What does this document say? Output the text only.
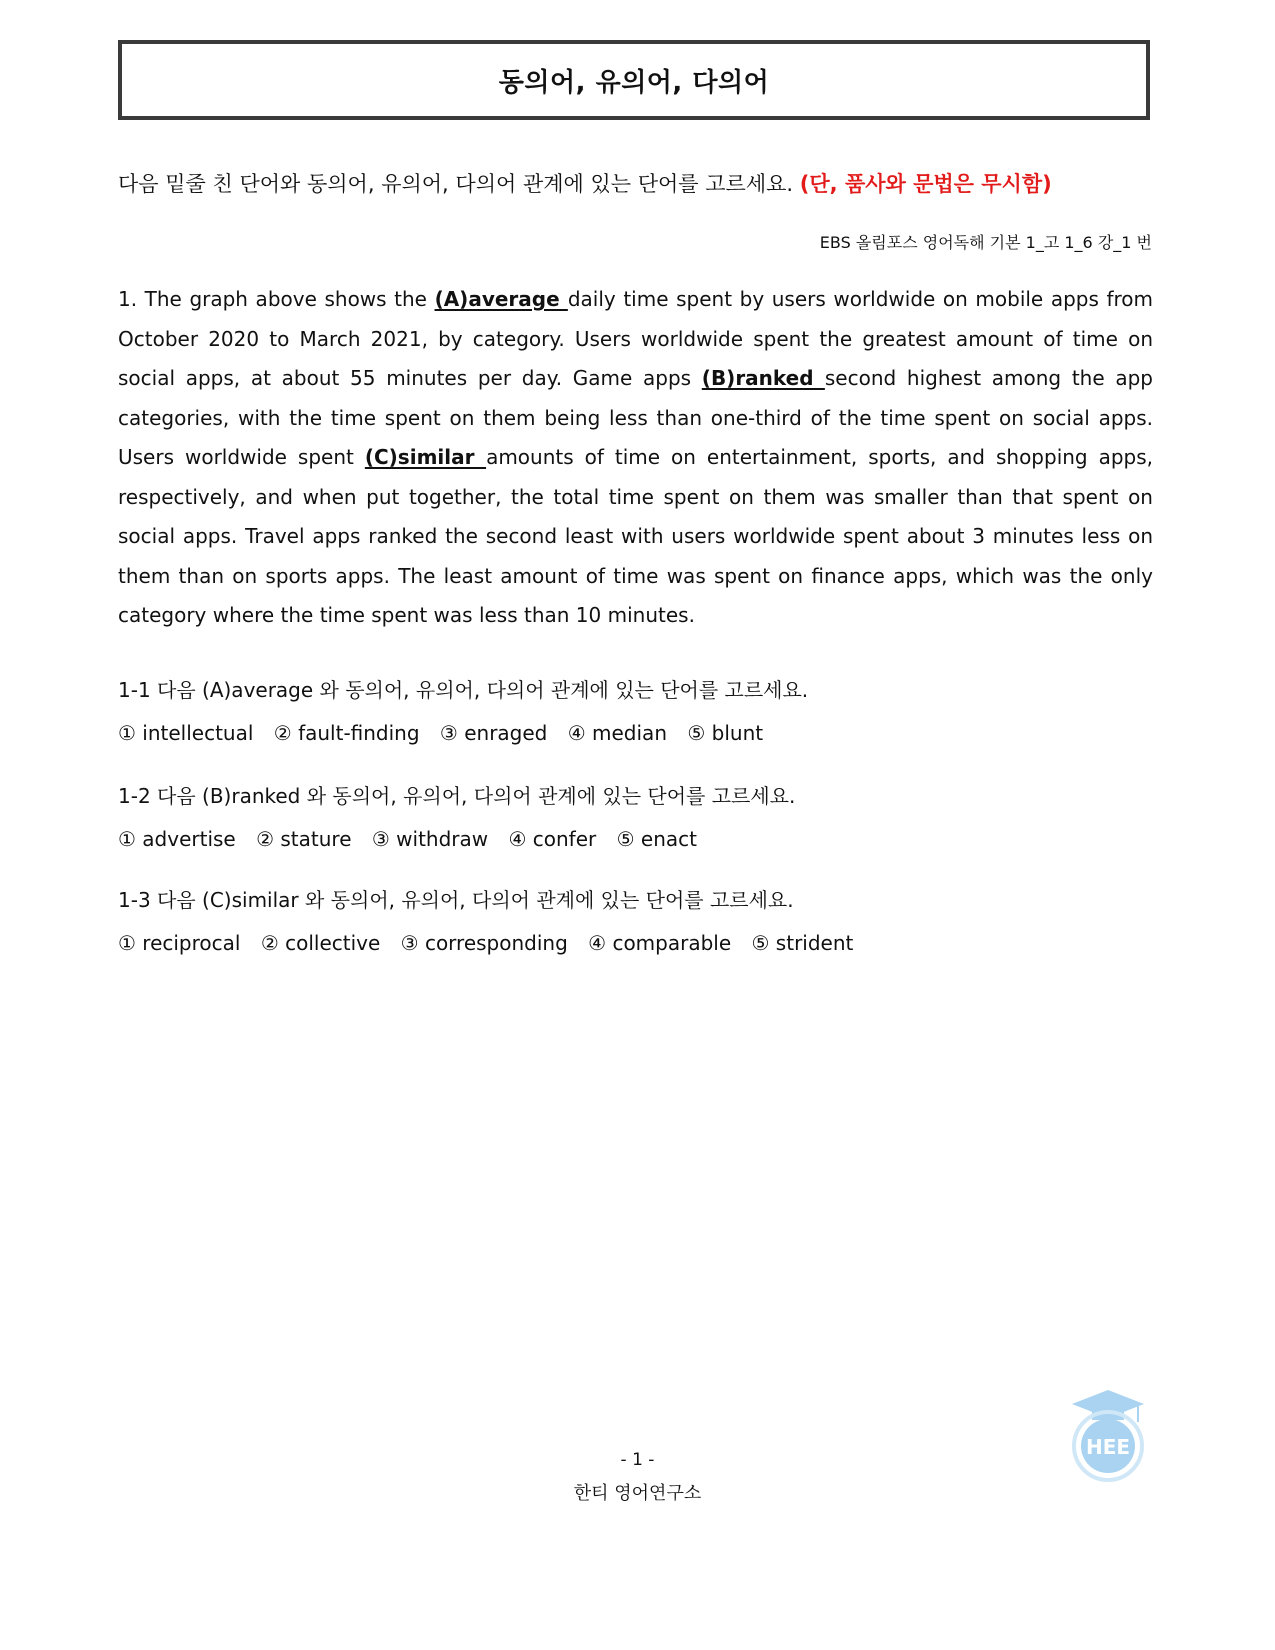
동의어, 유의어, 다의어
다음 밑줄 친 단어와 동의어, 유의어, 다의어 관계에 있는 단어를 고르세요. (단, 품사와 문법은 무시함)
EBS 올림포스 영어독해 기본 1_고 1_6 강_1 번

1. The graph above shows the (A)average daily time spent by users worldwide on mobile apps from October 2020 to March 2021, by category. Users worldwide spent the greatest amount of time on social apps, at about 55 minutes per day. Game apps (B)ranked second highest among the app categories, with the time spent on them being less than one-third of the time spent on social apps. Users worldwide spent (C)similar amounts of time on entertainment, sports, and shopping apps, respectively, and when put together, the total time spent on them was smaller than that spent on social apps. Travel apps ranked the second least with users worldwide spent about 3 minutes less on them than on sports apps. The least amount of time was spent on finance apps, which was the only category where the time spent was less than 10 minutes.

1-1 다음 (A)average 와 동의어, 유의어, 다의어 관계에 있는 단어를 고르세요.

① intellectual ② fault-finding ③ enraged ④ median ⑤ blunt

1-2 다음 (B)ranked 와 동의어, 유의어, 다의어 관계에 있는 단어를 고르세요.

① advertise ② stature ③ withdraw ④ confer ⑤ enact

1-3 다음 (C)similar 와 동의어, 유의어, 다의어 관계에 있는 단어를 고르세요.

① reciprocal ② collective ③ corresponding ④ comparable ⑤ strident

HEE
- 1 -
한티 영어연구소
